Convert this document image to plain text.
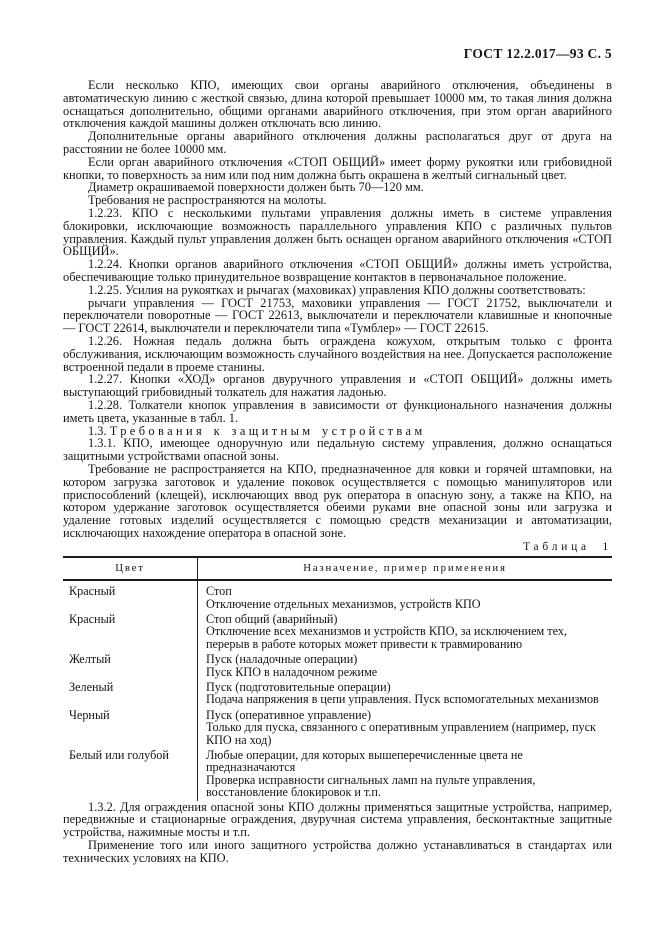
ГОСТ 12.2.017—93 С. 5

Если несколько КПО, имеющих свои органы аварийного отключения, объединены в автоматическую линию с жесткой связью, длина которой превышает 10000 мм, то такая линия должна оснащаться дополнительно, общими органами аварийного отключения, при этом орган аварийного отключения каждой машины должен отключать всю линию.

Дополнительные органы аварийного отключения должны располагаться друг от друга на расстоянии не более 10000 мм.

Если орган аварийного отключения «СТОП ОБЩИЙ» имеет форму рукоятки или грибовидной кнопки, то поверхность за ним или под ним должна быть окрашена в желтый сигнальный цвет.

Диаметр окрашиваемой поверхности должен быть 70—120 мм.

Требования не распространяются на молоты.

1.2.23. КПО с несколькими пультами управления должны иметь в системе управления блокировки, исключающие возможность параллельного управления КПО с различных пультов управления. Каждый пульт управления должен быть оснащен органом аварийного отключения «СТОП ОБЩИЙ».

1.2.24. Кнопки органов аварийного отключения «СТОП ОБЩИЙ» должны иметь устройства, обеспечивающие только принудительное возвращение контактов в первоначальное положение.

1.2.25. Усилия на рукоятках и рычагах (маховиках) управления КПО должны соответствовать:

рычаги управления — ГОСТ 21753, маховики управления — ГОСТ 21752, выключатели и переключатели поворотные — ГОСТ 22613, выключатели и переключатели клавишные и кнопочные — ГОСТ 22614, выключатели и переключатели типа «Тумблер» — ГОСТ 22615.

1.2.26. Ножная педаль должна быть ограждена кожухом, открытым только с фронта обслуживания, исключающим возможность случайного воздействия на нее. Допускается расположение встроенной педали в проеме станины.

1.2.27. Кнопки «ХОД» органов двуручного управления и «СТОП ОБЩИЙ» должны иметь выступающий грибовидный толкатель для нажатия ладонью.

1.2.28. Толкатели кнопок управления в зависимости от функционального назначения должны иметь цвета, указанные в табл. 1.

1.3. Требования к защитным устройствам

1.3.1. КПО, имеющее одноручную или педальную систему управления, должно оснащаться защитными устройствами опасной зоны.

Требование не распространяется на КПО, предназначенное для ковки и горячей штамповки, на котором загрузка заготовок и удаление поковок осуществляется с помощью манипуляторов или приспособлений (клещей), исключающих ввод рук оператора в опасную зону, а также на КПО, на котором удержание заготовок осуществляется обеими руками вне опасной зоны или загрузка и удаление готовых изделий осуществляется с помощью средств механизации и автоматизации, исключающих нахождение оператора в опасной зоне.

Таблица 1
Цвет	Назначение, пример применения
Красный	Стоп
Отключение отдельных механизмов, устройств КПО

Красный	Стоп общий (аварийный)
Отключение всех механизмов и устройств КПО, за исключением тех, перерыв в работе которых может привести к травмированию

Желтый	Пуск (наладочные операции)
Пуск КПО в наладочном режиме

Зеленый	Пуск (подготовительные операции)
Подача напряжения в цепи управления. Пуск вспомогательных механизмов

Черный	Пуск (оперативное управление)
Только для пуска, связанного с оперативным управлением (например, пуск КПО на ход)

Белый или голубой	Любые операции, для которых вышеперечисленные цвета не предназначаются
Проверка исправности сигнальных ламп на пульте управления, восстановление блокировок и т.п.

1.3.2. Для ограждения опасной зоны КПО должны применяться защитные устройства, например, передвижные и стационарные ограждения, двуручная система управления, бесконтактные защитные устройства, нажимные мосты и т.п.

Применение того или иного защитного устройства должно устанавливаться в стандартах или технических условиях на КПО.
